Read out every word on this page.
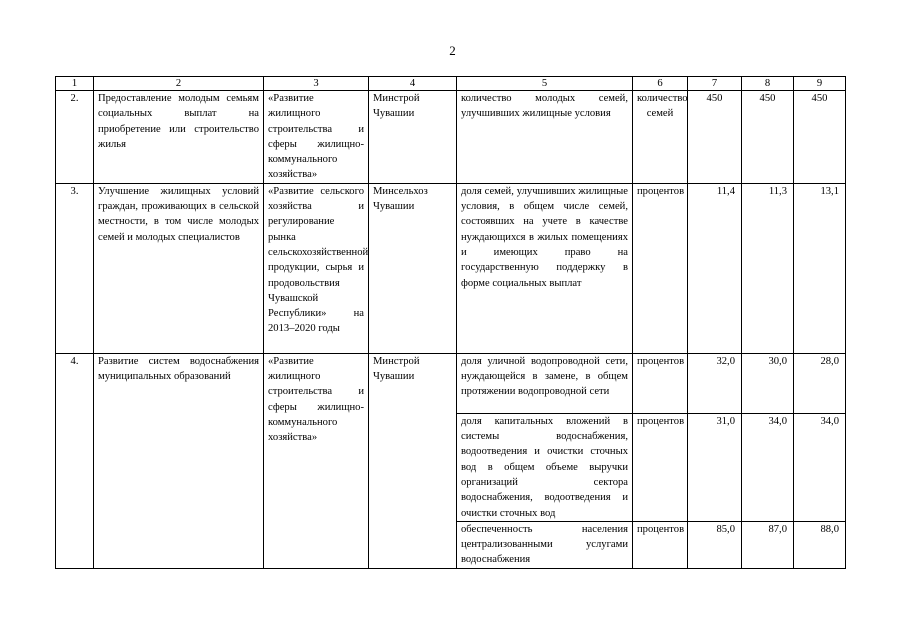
2
1	2	3	4	5	6	7	8	9
2.	Предоставление молодым семьям социальных выплат на приобретение или строительство жилья	«Развитие жилищного строительства и сферы жилищно-коммунального хозяйства»	Минстрой Чувашии	количество молодых семей, улучшивших жилищные условия	количество семей	450	450	450
3.	Улучшение жилищных условий граждан, проживающих в сельской местности, в том числе молодых семей и молодых специалистов	«Развитие сельского хозяйства и регулирование рынка сельскохозяйственной продукции, сырья и продовольствия Чувашской Республики» на 2013–2020 годы	Минсельхоз Чувашии	доля семей, улучшивших жилищные условия, в общем числе семей, состоявших на учете в качестве нуждающихся в жилых помещениях и имеющих право на государственную поддержку в форме социальных выплат	процентов	11,4	11,3	13,1
4.	Развитие систем водоснабжения муниципальных образований	«Развитие жилищного строительства и сферы жилищно-коммунального хозяйства»	Минстрой Чувашии	доля уличной водопроводной сети, нуждающейся в замене, в общем протяжении водопроводной сети	процентов	32,0	30,0	28,0
				доля капитальных вложений в системы водоснабжения, водоотведения и очистки сточных вод в общем объеме выручки организаций сектора водоснабжения, водоотведения и очистки сточных вод	процентов	31,0	34,0	34,0
				обеспеченность населения централизованными услугами водоснабжения	процентов	85,0	87,0	88,0
